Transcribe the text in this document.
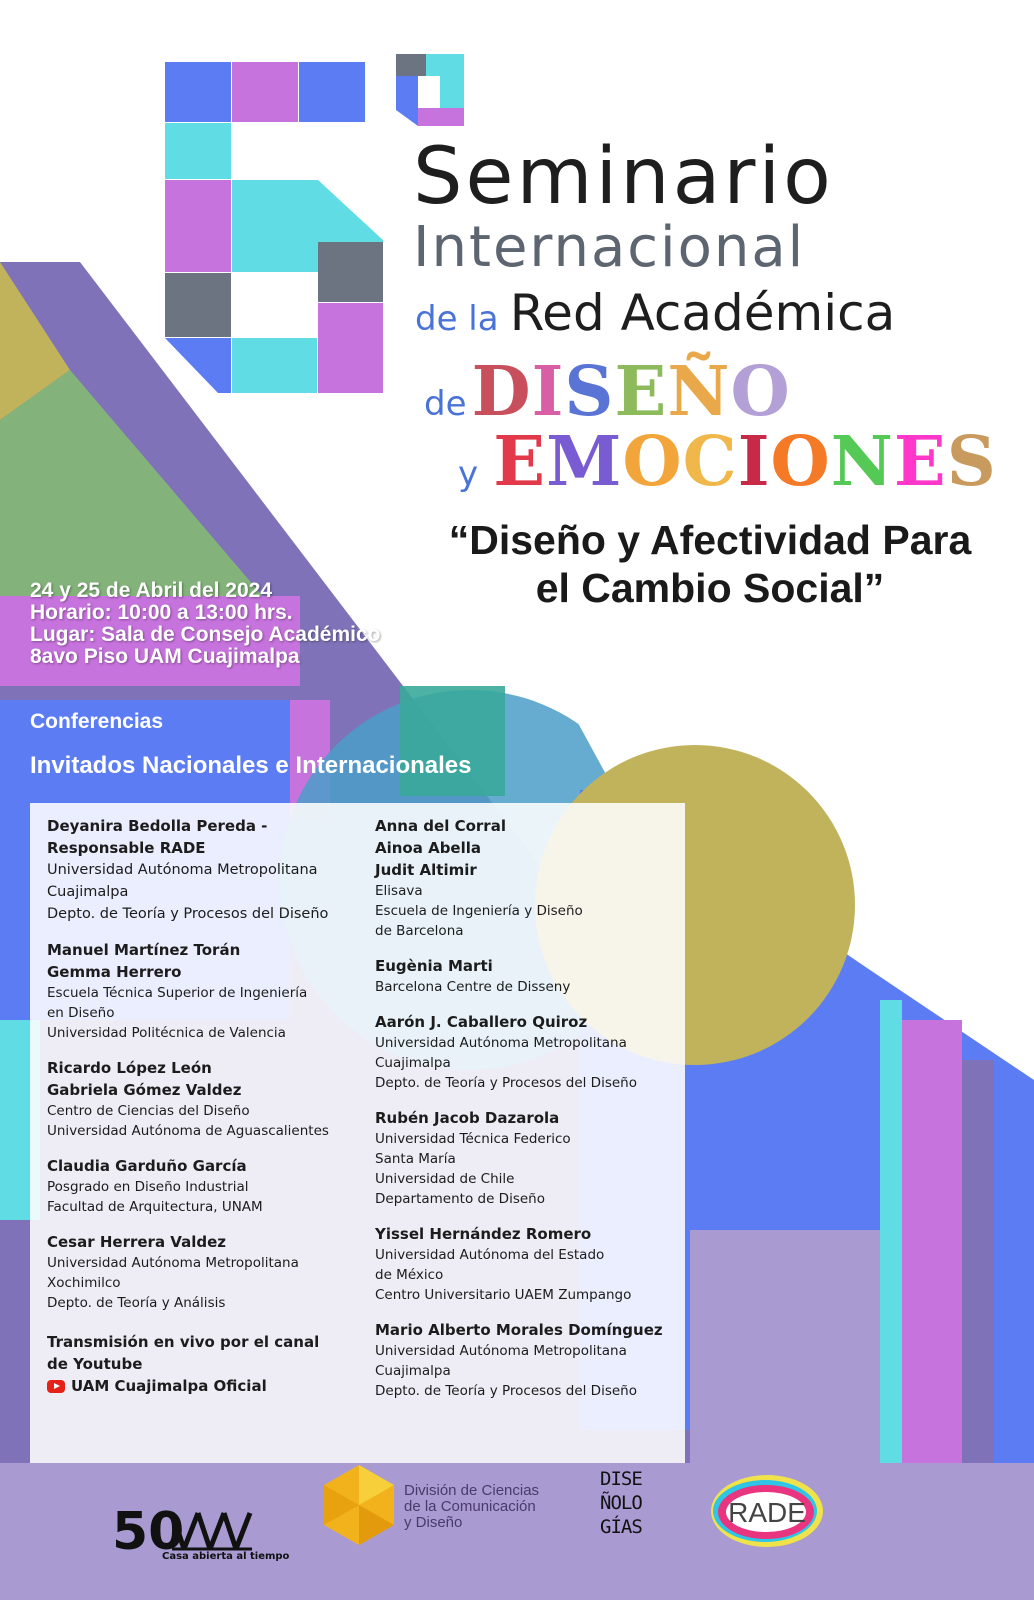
Seminario
Internacional
de la Red Académica
de DISEÑO
y EMOCIONES
“Diseño y Afectividad Para
el Cambio Social”
24 y 25 de Abril del 2024
Horario: 10:00 a 13:00 hrs.
Lugar: Sala de Consejo Académico
8avo Piso UAM Cuajimalpa
Conferencias
Invitados Nacionales e Internacionales
Deyanira Bedolla Pereda -
Responsable RADE
Universidad Autónoma Metropolitana
Cuajimalpa
Depto. de Teoría y Procesos del Diseño
Manuel Martínez Torán
Gemma Herrero
Escuela Técnica Superior de Ingeniería
en Diseño
Universidad Politécnica de Valencia
Ricardo López León
Gabriela Gómez Valdez
Centro de Ciencias del Diseño
Universidad Autónoma de Aguascalientes
Claudia Garduño García
Posgrado en Diseño Industrial
Facultad de Arquitectura, UNAM
Cesar Herrera Valdez
Universidad Autónoma Metropolitana
Xochimilco
Depto. de Teoría y Análisis
Transmisión en vivo por el canal
de Youtube
UAM Cuajimalpa Oficial
Anna del Corral
Ainoa Abella
Judit Altimir
Elisava
Escuela de Ingeniería y Diseño
de Barcelona
Eugènia Marti
Barcelona Centre de Disseny
Aarón J. Caballero Quiroz
Universidad Autónoma Metropolitana
Cuajimalpa
Depto. de Teoría y Procesos del Diseño
Rubén Jacob Dazarola
Universidad Técnica Federico
Santa María
Universidad de Chile
Departamento de Diseño
Yissel Hernández Romero
Universidad Autónoma del Estado
de México
Centro Universitario UAEM Zumpango
Mario Alberto Morales Domínguez
Universidad Autónoma Metropolitana
Cuajimalpa
Depto. de Teoría y Procesos del Diseño
50
Casa abierta al tiempo
División de Ciencias
de la Comunicación
y Diseño
DISE
ÑOLO
GÍAS	RADE
